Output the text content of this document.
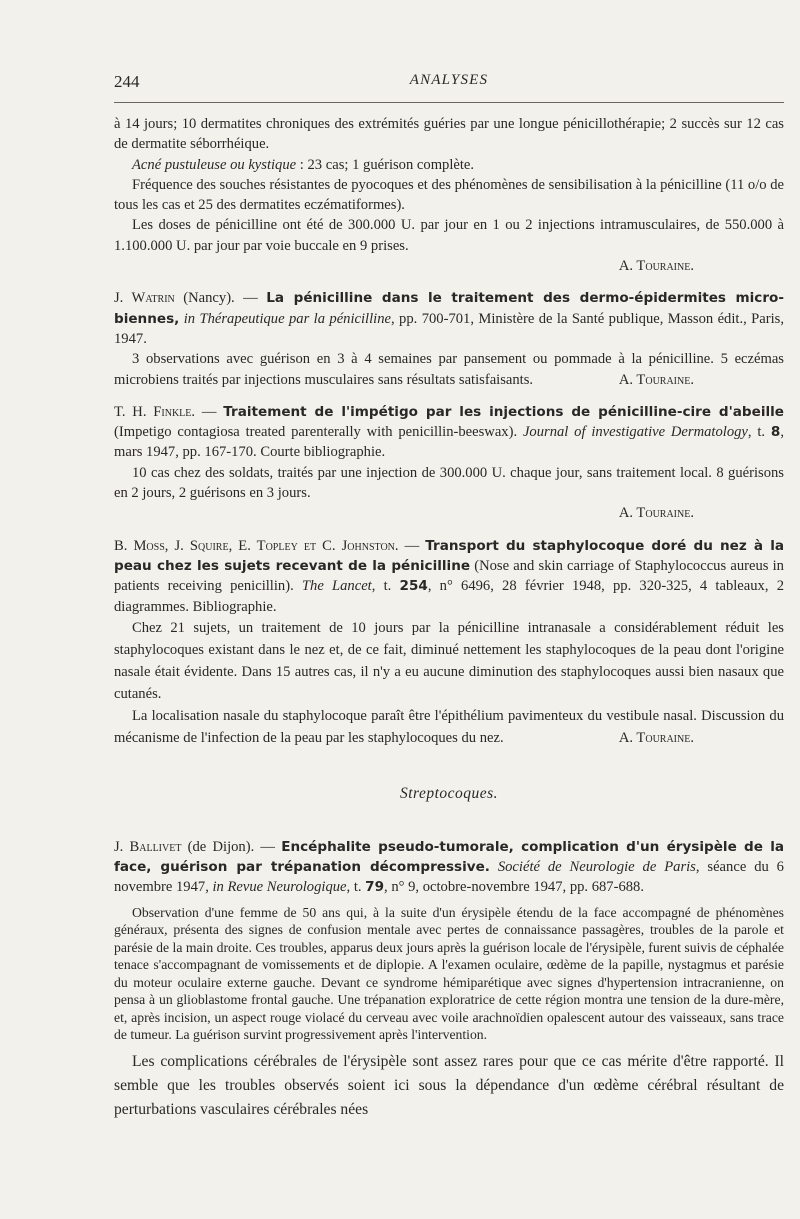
ANALYSES
244

à 14 jours; 10 dermatites chroniques des extrémités guéries par une longue pénicillothérapie; 2 succès sur 12 cas de dermatite séborrhéique.

Acné pustuleuse ou kystique : 23 cas; 1 guérison complète.

Fréquence des souches résistantes de pyocoques et des phénomènes de sensibilisation à la pénicilline (11 o/o de tous les cas et 25 des dermatites eczématiformes).

Les doses de pénicilline ont été de 300.000 U. par jour en 1 ou 2 injections intramusculaires, de 550.000 à 1.100.000 U. par jour par voie buccale en 9 prises.

A. Touraine.

J. Watrin (Nancy). — La pénicilline dans le traitement des dermo-épidermites microbiennes, in Thérapeutique par la pénicilline, pp. 700-701, Ministère de la Santé publique, Masson édit., Paris, 1947.

3 observations avec guérison en 3 à 4 semaines par pansement ou pommade à la pénicilline. 5 eczémas microbiens traités par injections musculaires sans résultats satisfaisants.	A. Touraine.

T. H. Finkle. — Traitement de l'impétigo par les injections de pénicilline-cire d'abeille (Impetigo contagiosa treated parenterally with penicillin-beeswax). Journal of investigative Dermatology, t. 8, mars 1947, pp. 167-170. Courte bibliographie.

10 cas chez des soldats, traités par une injection de 300.000 U. chaque jour, sans traitement local. 8 guérisons en 2 jours, 2 guérisons en 3 jours.

A. Touraine.

B. Moss, J. Squire, E. Topley et C. Johnston. — Transport du staphylocoque doré du nez à la peau chez les sujets recevant de la pénicilline (Nose and skin carriage of Staphylococcus aureus in patients receiving penicillin). The Lancet, t. 254, n° 6496, 28 février 1948, pp. 320-325, 4 tableaux, 2 diagrammes. Bibliographie.

Chez 21 sujets, un traitement de 10 jours par la pénicilline intranasale a considérablement réduit les staphylocoques existant dans le nez et, de ce fait, diminué nettement les staphylocoques de la peau dont l'origine nasale était évidente. Dans 15 autres cas, il n'y a eu aucune diminution des staphylocoques aussi bien nasaux que cutanés.

La localisation nasale du staphylocoque paraît être l'épithélium pavimenteux du vestibule nasal. Discussion du mécanisme de l'infection de la peau par les staphylocoques du nez.	A. Touraine.

Streptocoques.

J. Ballivet (de Dijon). — Encéphalite pseudo-tumorale, complication d'un érysipèle de la face, guérison par trépanation décompressive. Société de Neurologie de Paris, séance du 6 novembre 1947, in Revue Neurologique, t. 79, n° 9, octobre-novembre 1947, pp. 687-688.

Observation d'une femme de 50 ans qui, à la suite d'un érysipèle étendu de la face accompagné de phénomènes généraux, présenta des signes de confusion mentale avec pertes de connaissance passagères, troubles de la parole et parésie de la main droite. Ces troubles, apparus deux jours après la guérison locale de l'érysipèle, furent suivis de céphalée tenace s'accompagnant de vomissements et de diplopie. A l'examen oculaire, œdème de la papille, nystagmus et parésie du moteur oculaire externe gauche. Devant ce syndrome hémiparétique avec signes d'hypertension intracranienne, on pensa à un glioblastome frontal gauche. Une trépanation exploratrice de cette région montra une tension de la dure-mère, et, après incision, un aspect rouge violacé du cerveau avec voile arachnoïdien opalescent autour des vaisseaux, sans trace de tumeur. La guérison survint progressivement après l'intervention.

Les complications cérébrales de l'érysipèle sont assez rares pour que ce cas mérite d'être rapporté. Il semble que les troubles observés soient ici sous la dépendance d'un œdème cérébral résultant de perturbations vasculaires cérébrales nées
